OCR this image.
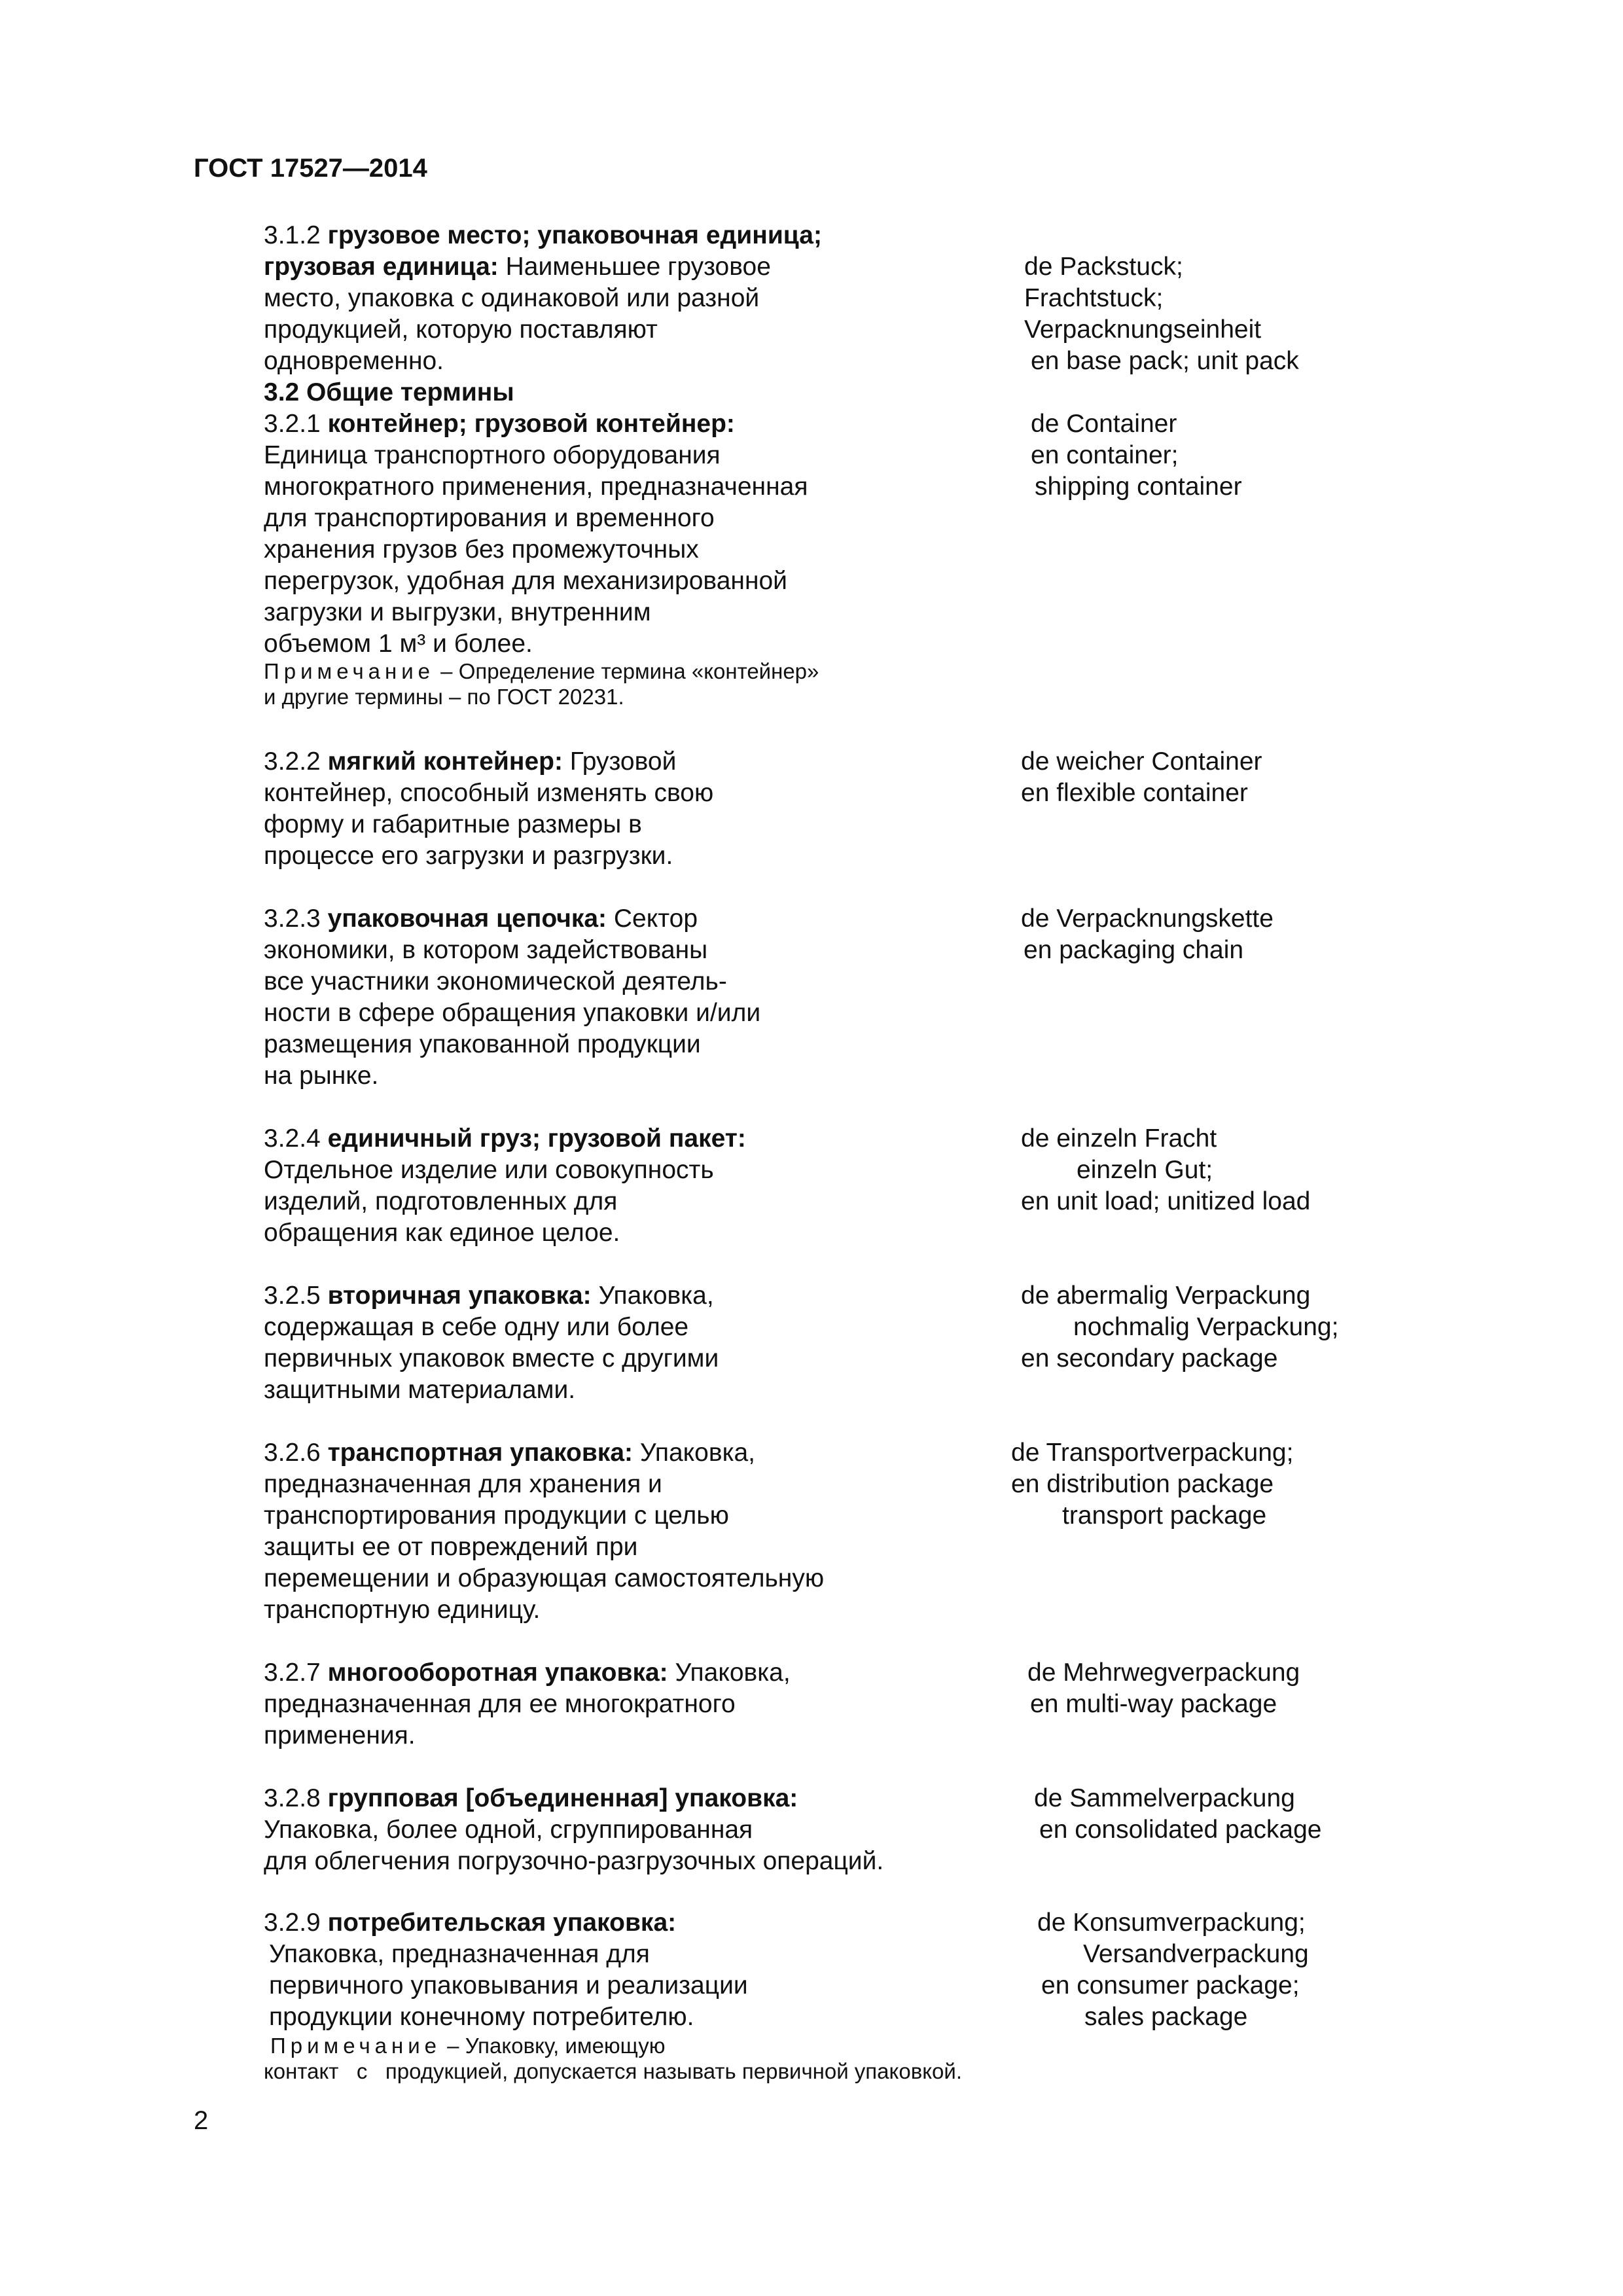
ГОСТ 17527—2014
3.1.2 грузовое место; упаковочная единица;
грузовая единица: Наименьшее грузовое
место, упаковка с одинаковой или разной
продукцией, которую поставляют
одновременно.
de Packstuck;
Frachtstuck;
Verpacknungseinheit
en base pack; unit pack
3.2 Общие термины
3.2.1 контейнер; грузовой контейнер:
Единица транспортного оборудования
многократного применения, предназначенная
для транспортирования и временного
хранения грузов без промежуточных
перегрузок, удобная для механизированной
загрузки и выгрузки, внутренним
объемом 1 м³ и более.
Примечание – Определение термина «контейнер»
и другие термины – по ГОСТ 20231.
de Container
en container;
shipping container
3.2.2 мягкий контейнер: Грузовой
контейнер, способный изменять свою
форму и габаритные размеры в
процессе его загрузки и разгрузки.
de weicher Container
en flexible container
3.2.3 упаковочная цепочка: Сектор
экономики, в котором задействованы
все участники экономической деятель-
ности в сфере обращения упаковки и/или
размещения упакованной продукции
на рынке.
de Verpacknungskette
en packaging chain
3.2.4 единичный груз; грузовой пакет:
Отдельное изделие или совокупность
изделий, подготовленных для
обращения как единое целое.
de einzeln Fracht
einzeln Gut;
en unit load; unitized load
3.2.5 вторичная упаковка: Упаковка,
содержащая в себе одну или более
первичных упаковок вместе с другими
защитными материалами.
de abermalig Verpackung
nochmalig Verpackung;
en secondary package
3.2.6 транспортная упаковка: Упаковка,
предназначенная для хранения и
транспортирования продукции с целью
защиты ее от повреждений при
перемещении и образующая самостоятельную
транспортную единицу.
de Transportverpackung;
en distribution package
transport package
3.2.7 многооборотная упаковка: Упаковка,
предназначенная для ее многократного
применения.
de Mehrwegverpackung
en multi-way package
3.2.8 групповая [объединенная] упаковка:
Упаковка, более одной, сгруппированная
для облегчения погрузочно-разгрузочных операций.
de Sammelverpackung
en consolidated package
3.2.9 потребительская упаковка:
Упаковка, предназначенная для
первичного упаковывания и реализации
продукции конечному потребителю.
Примечание – Упаковку, имеющую
контакт   с   продукцией, допускается называть первичной упаковкой.
de Konsumverpackung;
Versandverpackung
en consumer package;
sales package
2
